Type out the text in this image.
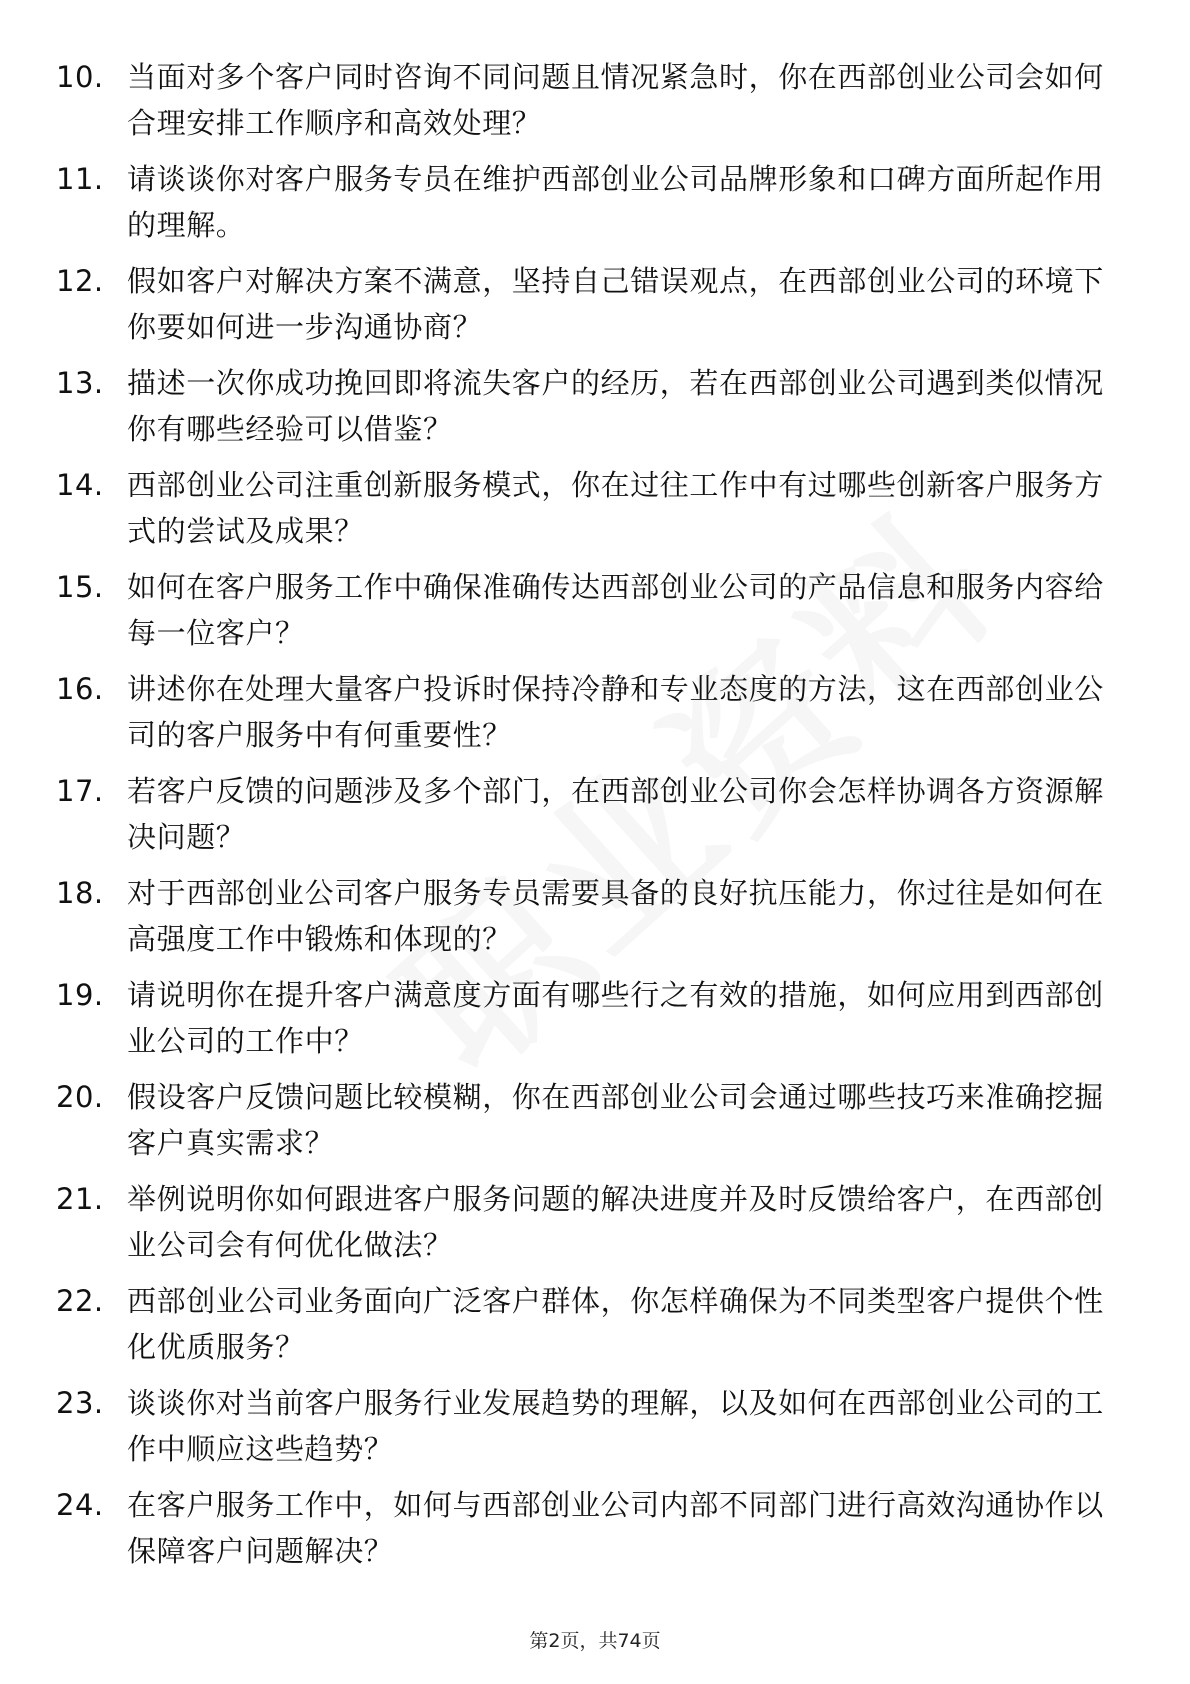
10. 当面对多个客户同时咨询不同问题且情况紧急时，你在西部创业公司会如何合理安排工作顺序和高效处理？
11. 请谈谈你对客户服务专员在维护西部创业公司品牌形象和口碑方面所起作用的理解。
12. 假如客户对解决方案不满意，坚持自己错误观点，在西部创业公司的环境下你要如何进一步沟通协商？
13. 描述一次你成功挽回即将流失客户的经历，若在西部创业公司遇到类似情况你有哪些经验可以借鉴？
14. 西部创业公司注重创新服务模式，你在过往工作中有过哪些创新客户服务方式的尝试及成果？
15. 如何在客户服务工作中确保准确传达西部创业公司的产品信息和服务内容给每一位客户？
16. 讲述你在处理大量客户投诉时保持冷静和专业态度的方法，这在西部创业公司的客户服务中有何重要性？
17. 若客户反馈的问题涉及多个部门，在西部创业公司你会怎样协调各方资源解决问题？
18. 对于西部创业公司客户服务专员需要具备的良好抗压能力，你过往是如何在高强度工作中锻炼和体现的？
19. 请说明你在提升客户满意度方面有哪些行之有效的措施，如何应用到西部创业公司的工作中？
20. 假设客户反馈问题比较模糊，你在西部创业公司会通过哪些技巧来准确挖掘客户真实需求？
21. 举例说明你如何跟进客户服务问题的解决进度并及时反馈给客户，在西部创业公司会有何优化做法？
22. 西部创业公司业务面向广泛客户群体，你怎样确保为不同类型客户提供个性化优质服务？
23. 谈谈你对当前客户服务行业发展趋势的理解，以及如何在西部创业公司的工作中顺应这些趋势？
24. 在客户服务工作中，如何与西部创业公司内部不同部门进行高效沟通协作以保障客户问题解决？
第2页，共74页
